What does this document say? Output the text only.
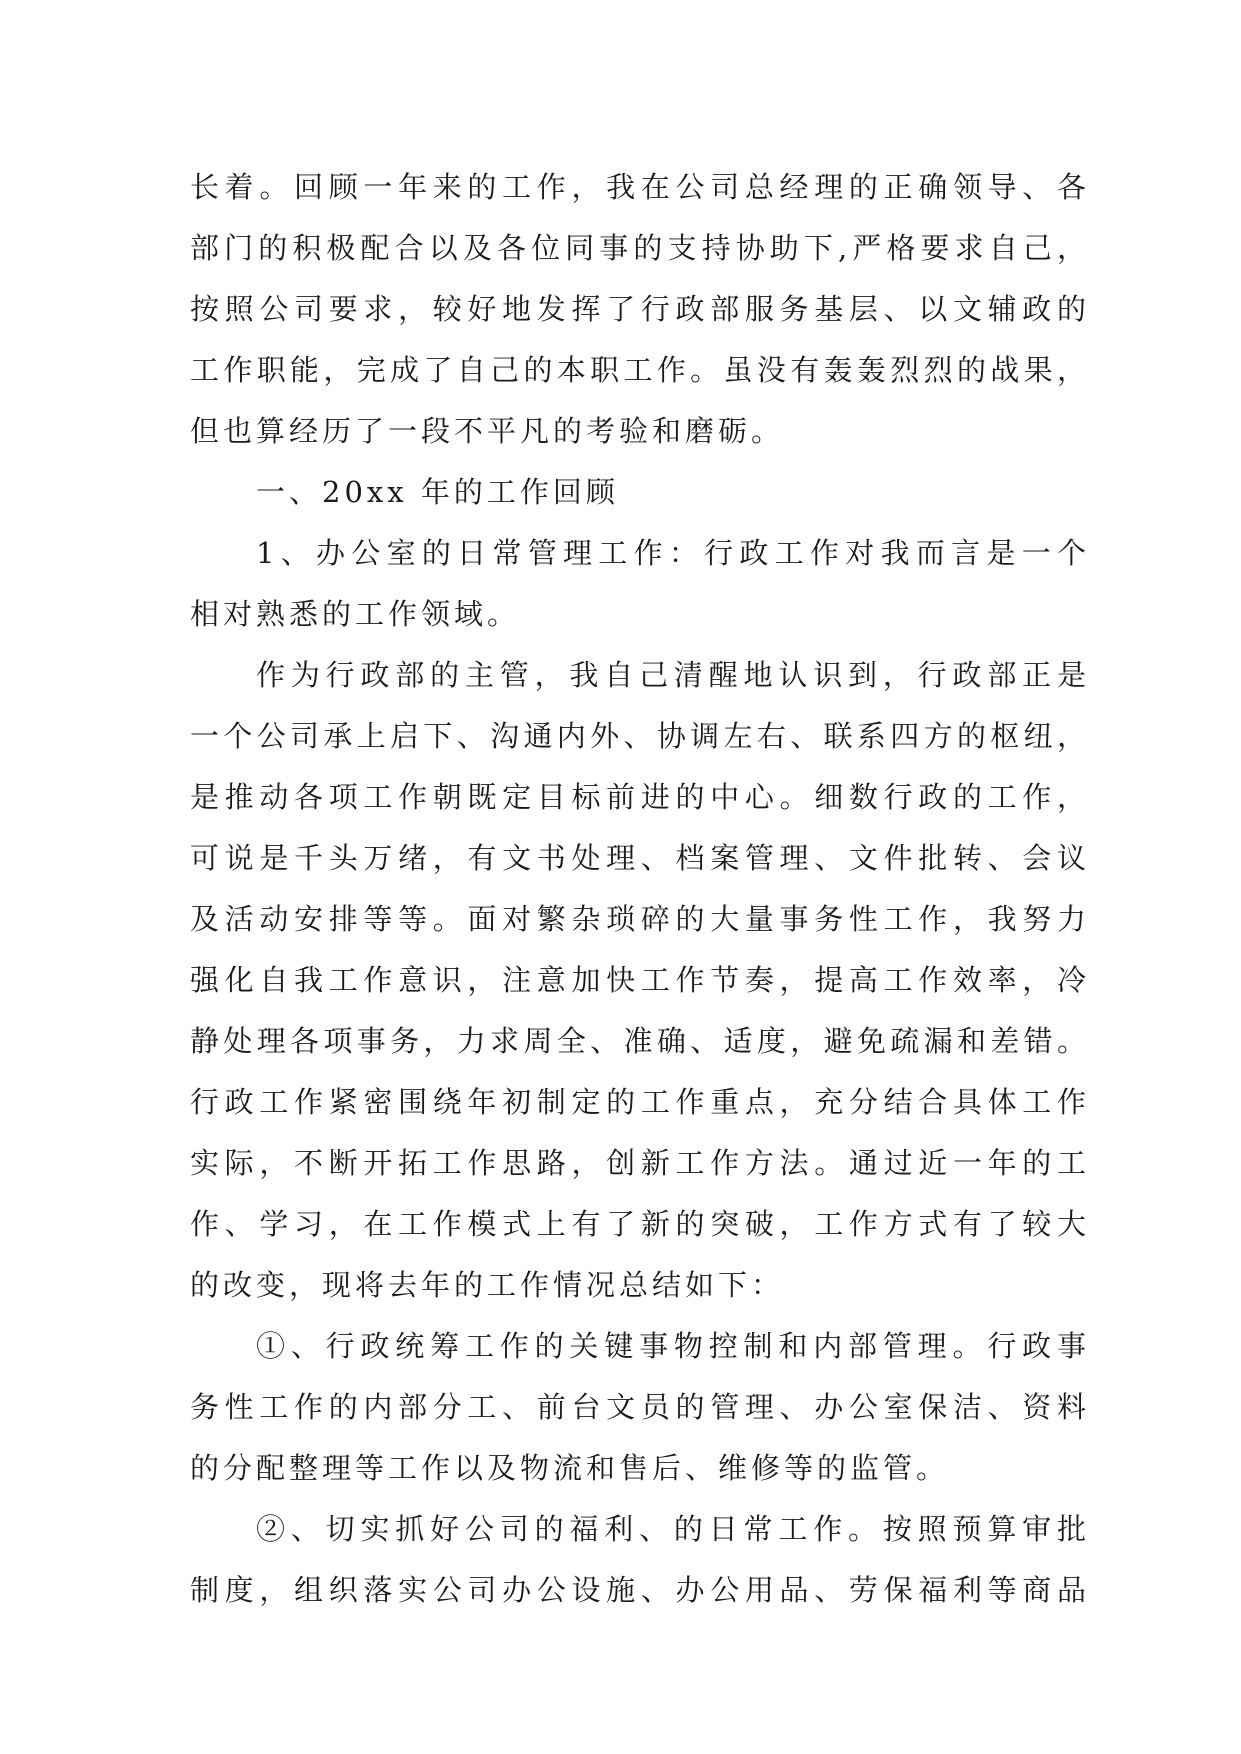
长着。回顾一年来的工作，我在公司总经理的正确领导、各
部门的积极配合以及各位同事的支持协助下,严格要求自己，
按照公司要求，较好地发挥了行政部服务基层、以文辅政的
工作职能，完成了自己的本职工作。虽没有轰轰烈烈的战果，
但也算经历了一段不平凡的考验和磨砺。
一、20xx 年的工作回顾
1、办公室的日常管理工作：行政工作对我而言是一个
相对熟悉的工作领域。
作为行政部的主管，我自己清醒地认识到，行政部正是
一个公司承上启下、沟通内外、协调左右、联系四方的枢纽，
是推动各项工作朝既定目标前进的中心。细数行政的工作，
可说是千头万绪，有文书处理、档案管理、文件批转、会议
及活动安排等等。面对繁杂琐碎的大量事务性工作，我努力
强化自我工作意识，注意加快工作节奏，提高工作效率，冷
静处理各项事务，力求周全、准确、适度，避免疏漏和差错。
行政工作紧密围绕年初制定的工作重点，充分结合具体工作
实际，不断开拓工作思路，创新工作方法。通过近一年的工
作、学习，在工作模式上有了新的突破，工作方式有了较大
的改变，现将去年的工作情况总结如下：
①、行政统筹工作的关键事物控制和内部管理。行政事
务性工作的内部分工、前台文员的管理、办公室保洁、资料
的分配整理等工作以及物流和售后、维修等的监管。
②、切实抓好公司的福利、的日常工作。按照预算审批
制度，组织落实公司办公设施、办公用品、劳保福利等商品
